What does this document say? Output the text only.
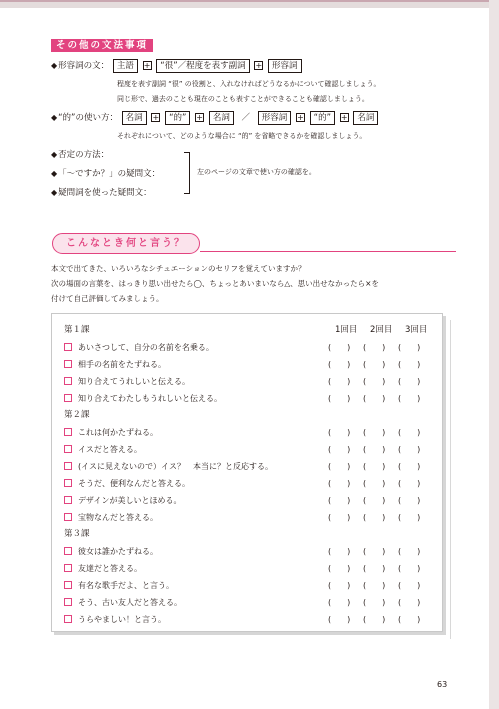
その他の文法事項
◆形容詞の文： 主語 + “很”／程度を表す副詞 + 形容詞
程度を表す副詞 “很” の役割と、入れなければどうなるかについて確認しましょう。
同じ形で、過去のことも現在のことも表すことができることも確認しましょう。
◆“的”の使い方： 名詞 + “的” + 名詞 ／ 形容詞 + “的” + 名詞
それぞれについて、どのような場合に “的” を省略できるかを確認しましょう。
◆否定の方法：
◆「〜ですか？」の疑問文：
◆疑問詞を使った疑問文：
左のページの文章で使い方の確認を。
こんなとき何と言う？
本文で出てきた、いろいろなシチュエーションのセリフを覚えていますか？
次の場面の言葉を、はっきり思い出せたら◯、ちょっとあいまいなら△、思い出せなかったら×を
付けて自己評価してみましょう。
1回目 2回目 3回目
第１課
あいさつして、自分の名前を名乗る。	(　　) (　　) (　　)
相手の名前をたずねる。	(　　) (　　) (　　)
知り合えてうれしいと伝える。	(　　) (　　) (　　)
知り合えてわたしもうれしいと伝える。	(　　) (　　) (　　)
第２課
これは何かたずねる。	(　　) (　　) (　　)
イスだと答える。	(　　) (　　) (　　)
(イスに見えないので）イス？　本当に？と反応する。	(　　) (　　) (　　)
そうだ、便利なんだと答える。	(　　) (　　) (　　)
デザインが美しいとほめる。	(　　) (　　) (　　)
宝物なんだと答える。	(　　) (　　) (　　)
第３課
彼女は誰かたずねる。	(　　) (　　) (　　)
友達だと答える。	(　　) (　　) (　　)
有名な歌手だよ、と言う。	(　　) (　　) (　　)
そう、古い友人だと答える。	(　　) (　　) (　　)
うらやましい！と言う。	(　　) (　　) (　　)
63
